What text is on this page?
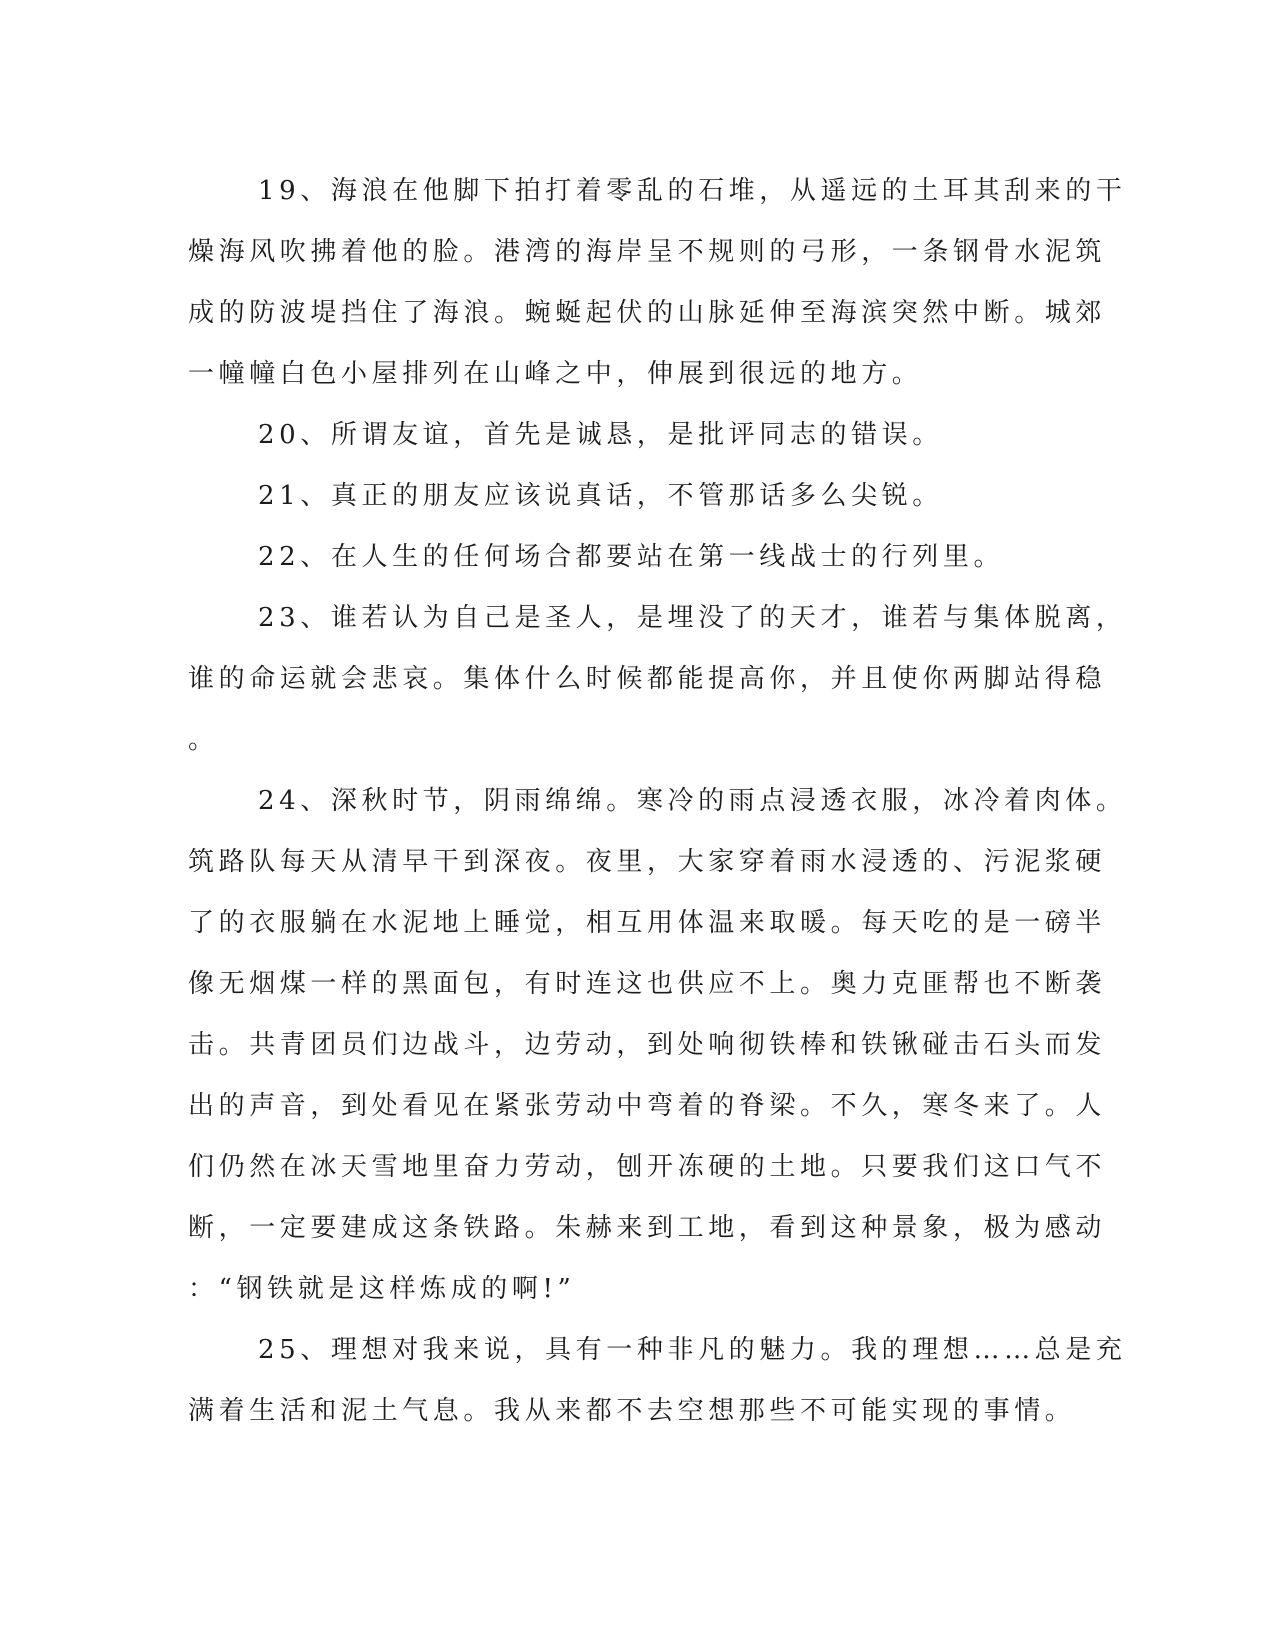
19、海浪在他脚下拍打着零乱的石堆，从遥远的土耳其刮来的干
燥海风吹拂着他的脸。港湾的海岸呈不规则的弓形，一条钢骨水泥筑
成的防波堤挡住了海浪。蜿蜒起伏的山脉延伸至海滨突然中断。城郊
一幢幢白色小屋排列在山峰之中，伸展到很远的地方。
20、所谓友谊，首先是诚恳，是批评同志的错误。
21、真正的朋友应该说真话，不管那话多么尖锐。
22、在人生的任何场合都要站在第一线战士的行列里。
23、谁若认为自己是圣人，是埋没了的天才，谁若与集体脱离，
谁的命运就会悲哀。集体什么时候都能提高你，并且使你两脚站得稳
。
24、深秋时节，阴雨绵绵。寒冷的雨点浸透衣服，冰冷着肉体。
筑路队每天从清早干到深夜。夜里，大家穿着雨水浸透的、污泥浆硬
了的衣服躺在水泥地上睡觉，相互用体温来取暖。每天吃的是一磅半
像无烟煤一样的黑面包，有时连这也供应不上。奥力克匪帮也不断袭
击。共青团员们边战斗，边劳动，到处响彻铁棒和铁锹碰击石头而发
出的声音，到处看见在紧张劳动中弯着的脊梁。不久，寒冬来了。人
们仍然在冰天雪地里奋力劳动，刨开冻硬的土地。只要我们这口气不
断，一定要建成这条铁路。朱赫来到工地，看到这种景象，极为感动
：“钢铁就是这样炼成的啊!”
25、理想对我来说，具有一种非凡的魅力。我的理想……总是充
满着生活和泥土气息。我从来都不去空想那些不可能实现的事情。
